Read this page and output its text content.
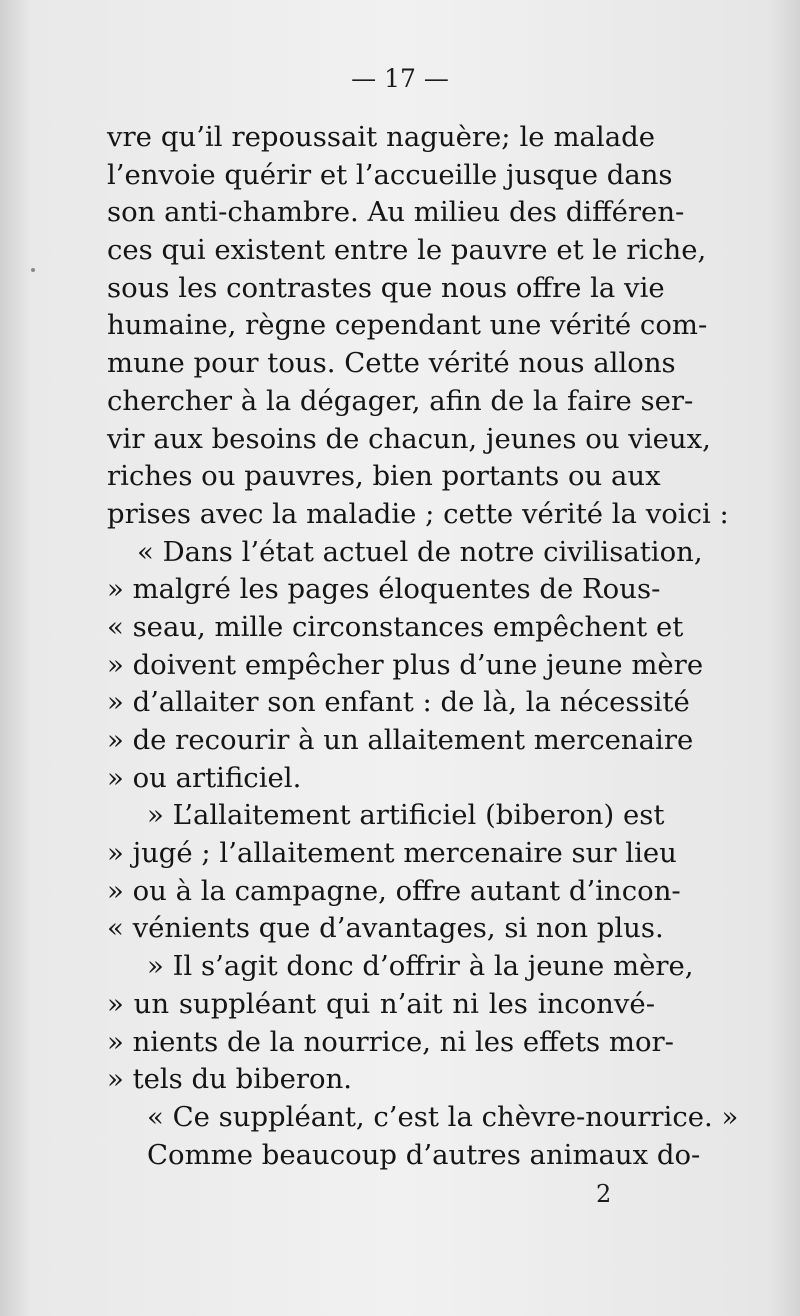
— 17 —
vre qu’il repoussait naguère; le malade
l’envoie quérir et l’accueille jusque dans
son anti-chambre. Au milieu des différen-
ces qui existent entre le pauvre et le riche,
sous les contrastes que nous offre la vie
humaine, règne cependant une vérité com-
mune pour tous. Cette vérité nous allons
chercher à la dégager, afin de la faire ser-
vir aux besoins de chacun, jeunes ou vieux,
riches ou pauvres, bien portants ou aux
prises avec la maladie ; cette vérité la voici :
« Dans l’état actuel de notre civilisation,
» malgré les pages éloquentes de Rous-
« seau, mille circonstances empêchent et
» doivent empêcher plus d’une jeune mère
» d’allaiter son enfant : de là, la nécessité
» de recourir à un allaitement mercenaire
» ou artificiel.
» L’allaitement artificiel (biberon) est
» jugé ; l’allaitement mercenaire sur lieu
» ou à la campagne, offre autant d’incon-
« vénients que d’avantages, si non plus.
» Il s’agit donc d’offrir à la jeune mère,
» un suppléant qui n’ait ni les inconvé-
» nients de la nourrice, ni les effets mor-
» tels du biberon.
« Ce suppléant, c’est la chèvre-nourrice. »
Comme beaucoup d’autres animaux do-
2
